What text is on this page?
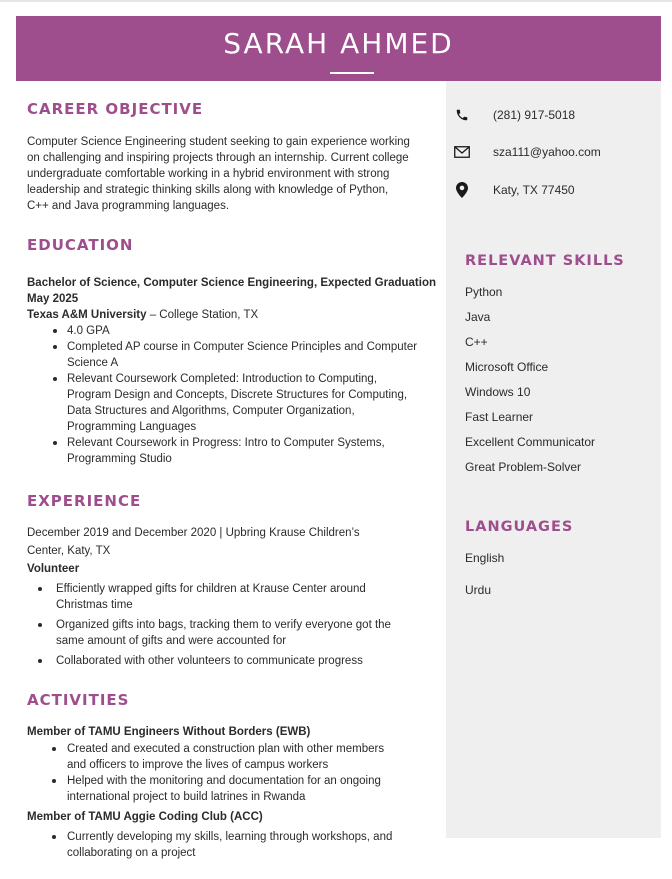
SARAH AHMED
CAREER OBJECTIVE
Computer Science Engineering student seeking to gain experience working
on challenging and inspiring projects through an internship. Current college
undergraduate comfortable working in a hybrid environment with strong
leadership and strategic thinking skills along with knowledge of Python,
C++ and Java programming languages.
EDUCATION
Bachelor of Science, Computer Science Engineering, Expected Graduation
May 2025
Texas A&M University – College Station, TX
4.0 GPA
Completed AP course in Computer Science Principles and Computer
Science A
Relevant Coursework Completed: Introduction to Computing,
Program Design and Concepts, Discrete Structures for Computing,
Data Structures and Algorithms, Computer Organization,
Programming Languages
Relevant Coursework in Progress: Intro to Computer Systems,
Programming Studio
EXPERIENCE
December 2019 and December 2020 | Upbring Krause Children’s
Center, Katy, TX
Volunteer
Efficiently wrapped gifts for children at Krause Center around
Christmas time
Organized gifts into bags, tracking them to verify everyone got the
same amount of gifts and were accounted for
Collaborated with other volunteers to communicate progress
ACTIVITIES
Member of TAMU Engineers Without Borders (EWB)
Created and executed a construction plan with other members
and officers to improve the lives of campus workers
Helped with the monitoring and documentation for an ongoing
international project to build latrines in Rwanda
Member of TAMU Aggie Coding Club (ACC)
Currently developing my skills, learning through workshops, and
collaborating on a project
(281) 917-5018
sza111@yahoo.com
Katy, TX 77450
RELEVANT SKILLS
Python
Java
C++
Microsoft Office
Windows 10
Fast Learner
Excellent Communicator
Great Problem-Solver
LANGUAGES
English
Urdu
